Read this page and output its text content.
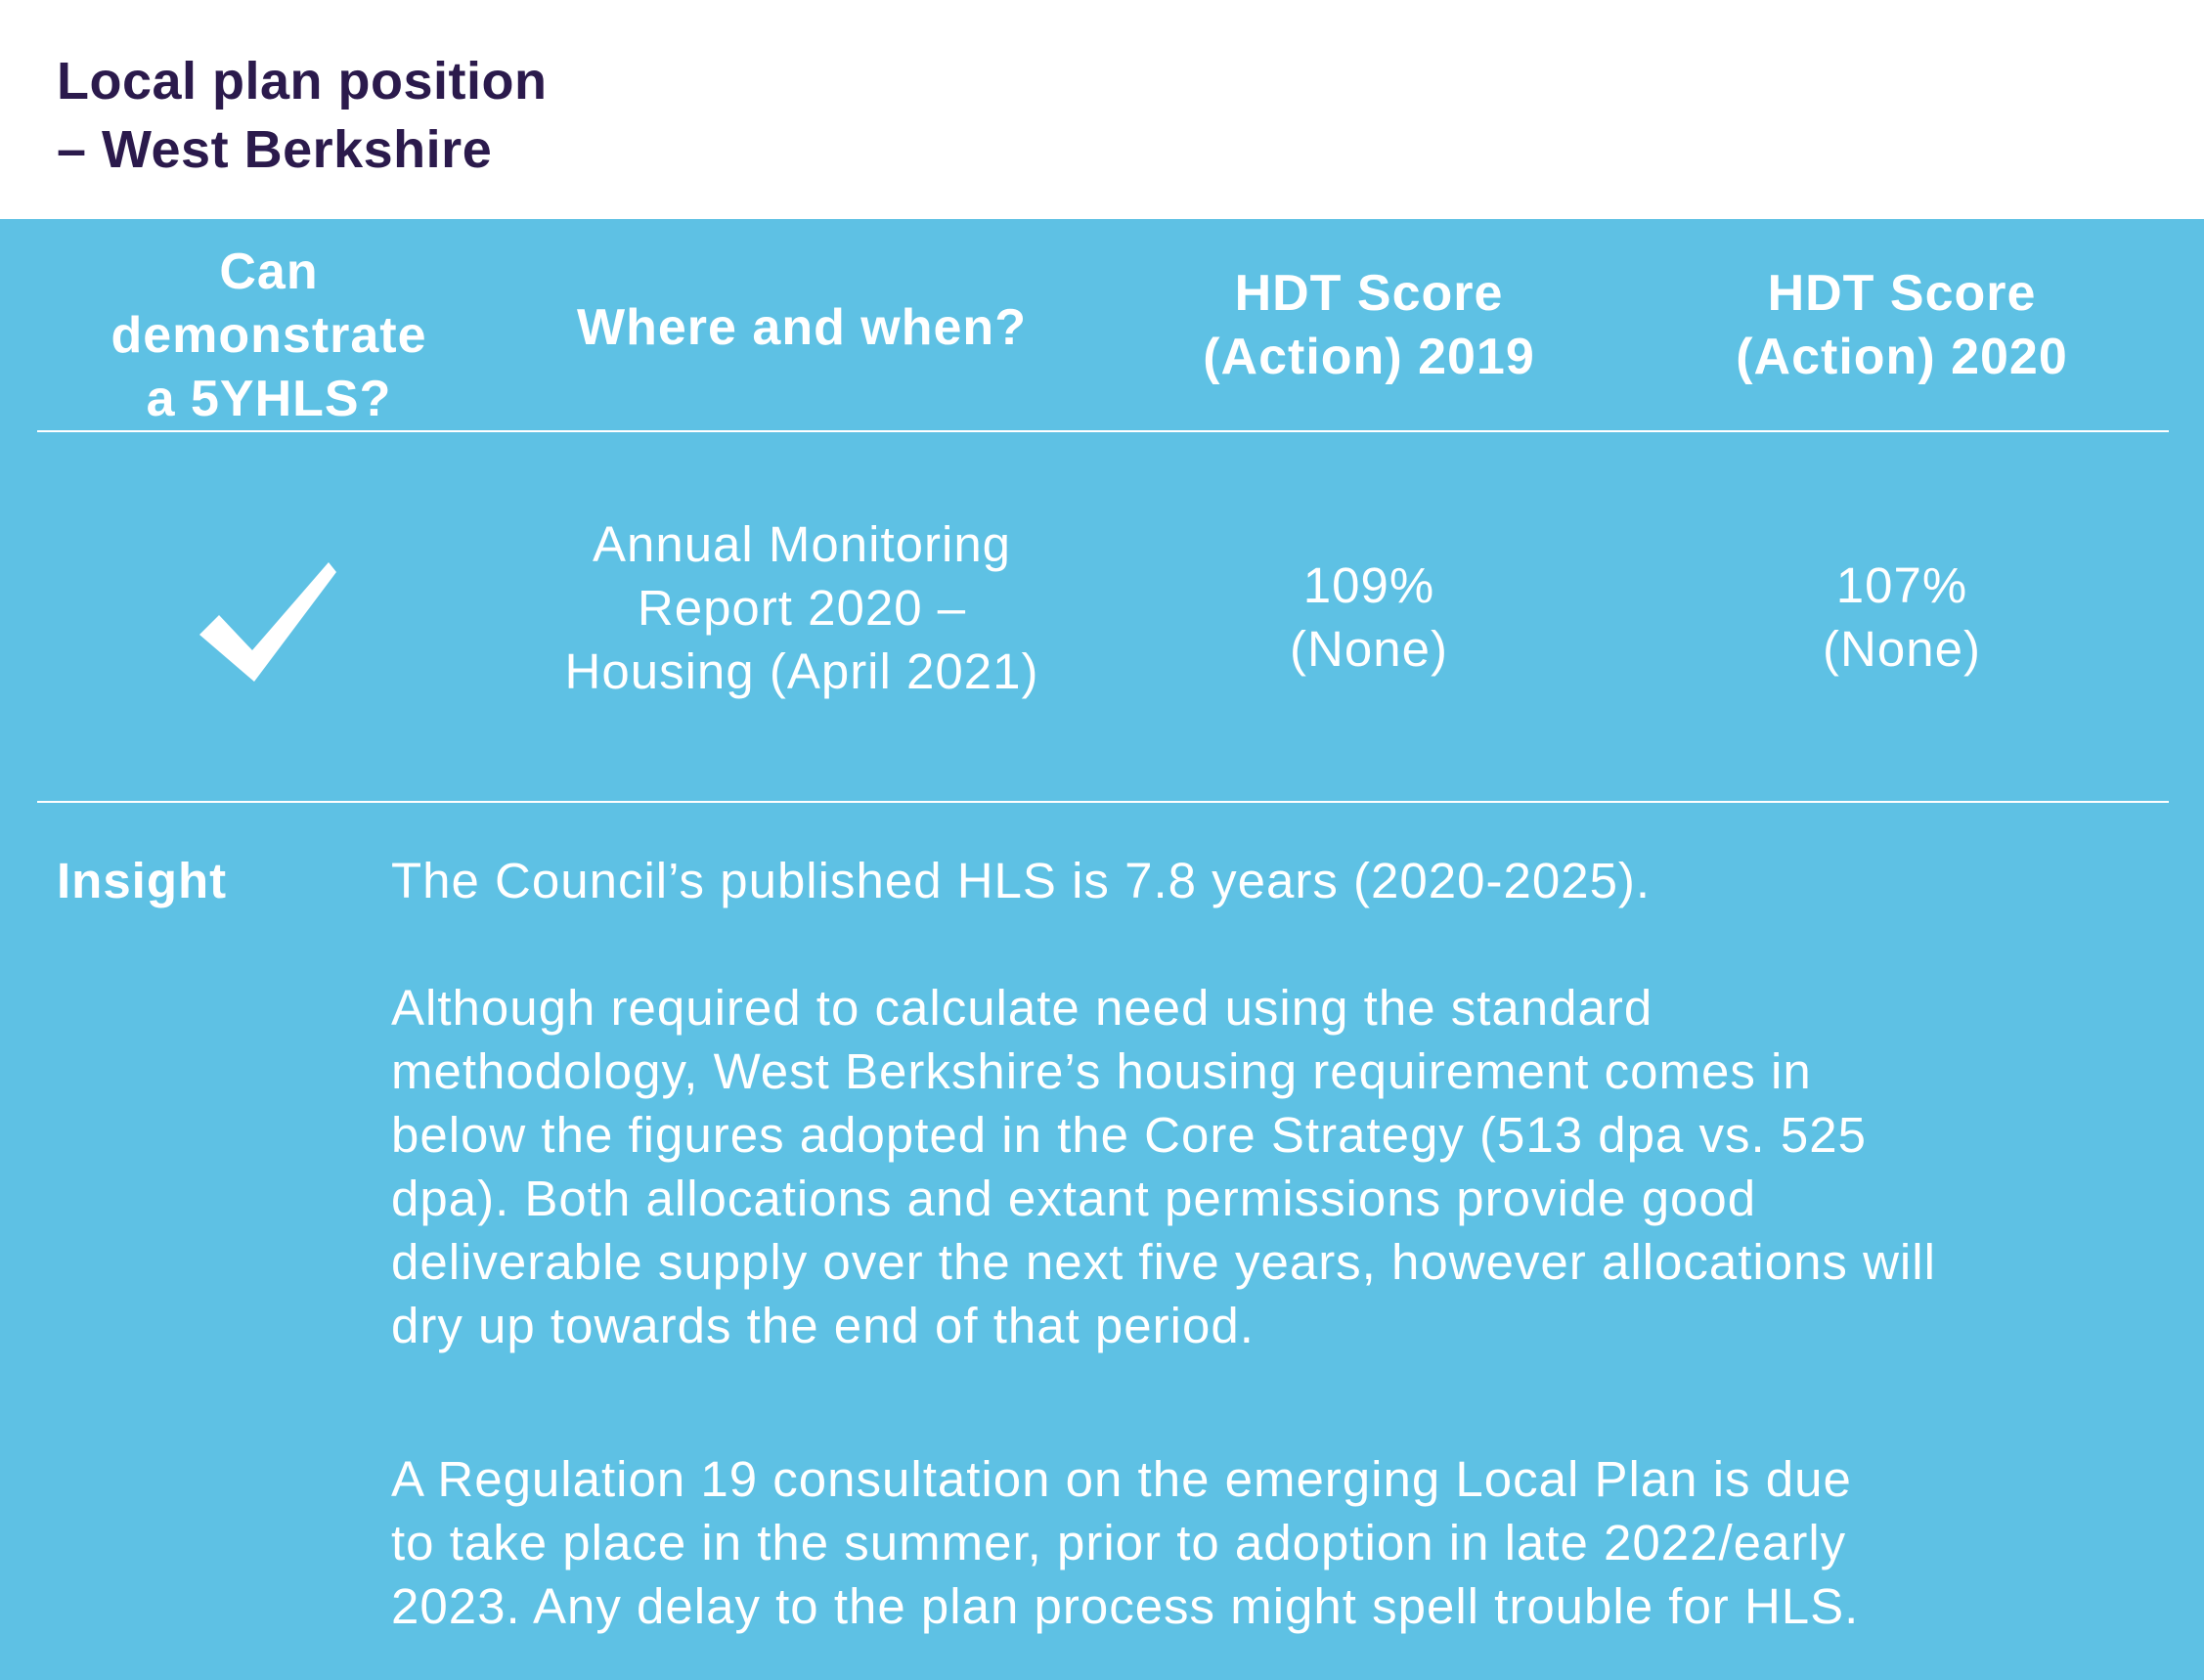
Local plan position
– West Berkshire
Can
demonstrate
a 5YHLS?
Where and when?
HDT Score
(Action) 2019
HDT Score
(Action) 2020
Annual Monitoring
Report 2020 –
Housing (April 2021)
109%
(None)
107%
(None)
Insight	The Council’s published HLS is 7.8 years (2020-2025).
Although required to calculate need using the standard
methodology, West Berkshire’s housing requirement comes in
below the figures adopted in the Core Strategy (513 dpa vs. 525
dpa). Both allocations and extant permissions provide good
deliverable supply over the next five years, however allocations will
dry up towards the end of that period.
A Regulation 19 consultation on the emerging Local Plan is due
to take place in the summer, prior to adoption in late 2022/early
2023. Any delay to the plan process might spell trouble for HLS.
